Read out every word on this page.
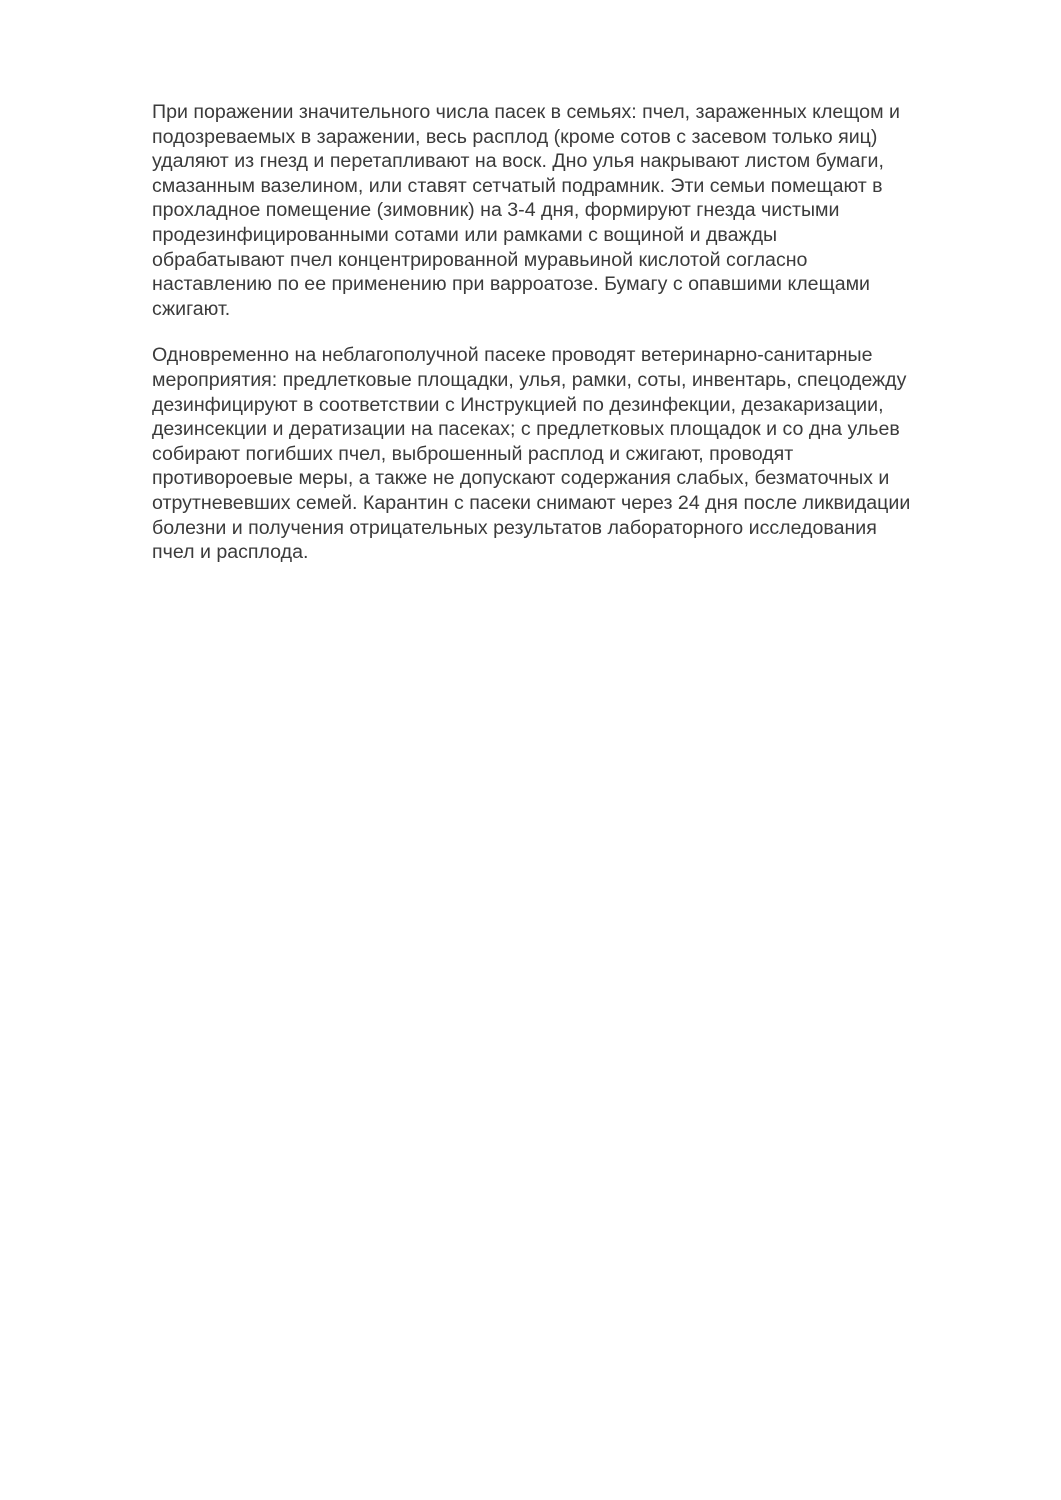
При поражении значительного числа пасек в семьях: пчел, зараженных клещом и
подозреваемых в заражении, весь расплод (кроме сотов с засевом только яиц)
удаляют из гнезд и перетапливают на воск. Дно улья накрывают листом бумаги,
смазанным вазелином, или ставят сетчатый подрамник. Эти семьи помещают в
прохладное помещение (зимовник) на 3-4 дня, формируют гнезда чистыми
продезинфицированными сотами или рамками с вощиной и дважды
обрабатывают пчел концентрированной муравьиной кислотой согласно
наставлению по ее применению при варроатозе. Бумагу с опавшими клещами
сжигают.

Одновременно на неблагополучной пасеке проводят ветеринарно-санитарные
мероприятия: предлетковые площадки, улья, рамки, соты, инвентарь, спецодежду
дезинфицируют в соответствии с Инструкцией по дезинфекции, дезакаризации,
дезинсекции и дератизации на пасеках; с предлетковых площадок и со дна ульев
собирают погибших пчел, выброшенный расплод и сжигают, проводят
противороевые меры, а также не допускают содержания слабых, безматочных и
отрутневевших семей. Карантин с пасеки снимают через 24 дня после ликвидации
болезни и получения отрицательных результатов лабораторного исследования
пчел и расплода.
